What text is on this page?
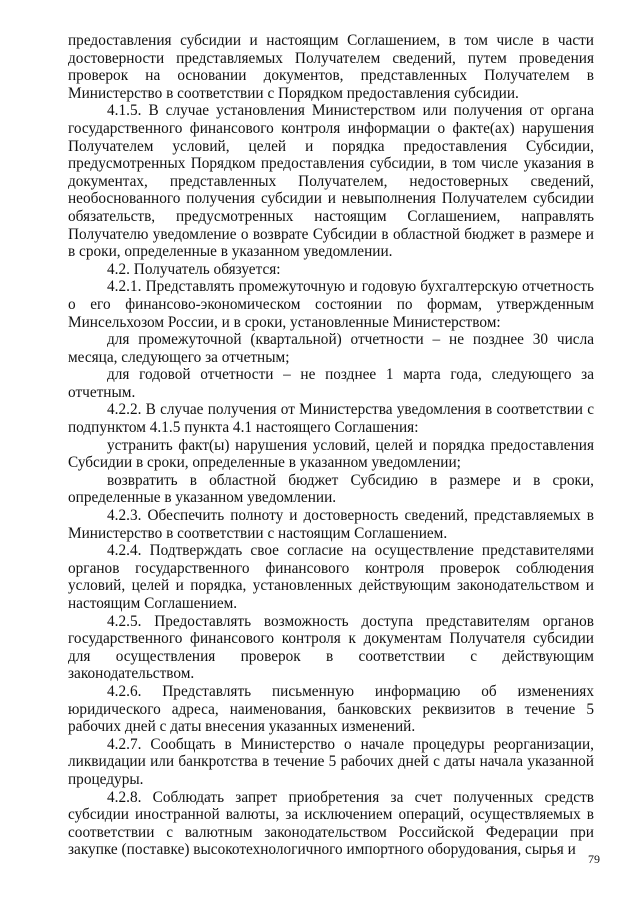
предоставления субсидии и настоящим Соглашением, в том числе в части достоверности представляемых Получателем сведений, путем проведения проверок на основании документов, представленных Получателем в Министерство в соответствии с Порядком предоставления субсидии.

4.1.5. В случае установления Министерством или получения от органа государственного финансового контроля информации о факте(ах) нарушения Получателем условий, целей и порядка предоставления Субсидии, предусмотренных Порядком предоставления субсидии, в том числе указания в документах, представленных Получателем, недостоверных сведений, необоснованного получения субсидии и невыполнения Получателем субсидии обязательств, предусмотренных настоящим Соглашением, направлять Получателю уведомление о возврате Субсидии в областной бюджет в размере и в сроки, определенные в указанном уведомлении.

4.2. Получатель обязуется:

4.2.1. Представлять промежуточную и годовую бухгалтерскую отчетность о его финансово-экономическом состоянии по формам, утвержденным Минсельхозом России, и в сроки, установленные Министерством:

для промежуточной (квартальной) отчетности – не позднее 30 числа месяца, следующего за отчетным;

для годовой отчетности – не позднее 1 марта года, следующего за отчетным.

4.2.2. В случае получения от Министерства уведомления в соответствии с подпунктом 4.1.5 пункта 4.1 настоящего Соглашения:

устранить факт(ы) нарушения условий, целей и порядка предоставления Субсидии в сроки, определенные в указанном уведомлении;

возвратить в областной бюджет Субсидию в размере и в сроки, определенные в указанном уведомлении.

4.2.3. Обеспечить полноту и достоверность сведений, представляемых в Министерство в соответствии с настоящим Соглашением.

4.2.4. Подтверждать свое согласие на осуществление представителями органов государственного финансового контроля проверок соблюдения условий, целей и порядка, установленных действующим законодательством и настоящим Соглашением.

4.2.5. Предоставлять возможность доступа представителям органов государственного финансового контроля к документам Получателя субсидии для осуществления проверок в соответствии с действующим законодательством.

4.2.6. Представлять письменную информацию об изменениях юридического адреса, наименования, банковских реквизитов в течение 5 рабочих дней с даты внесения указанных изменений.

4.2.7. Сообщать в Министерство о начале процедуры реорганизации, ликвидации или банкротства в течение 5 рабочих дней с даты начала указанной процедуры.

4.2.8. Соблюдать запрет приобретения за счет полученных средств субсидии иностранной валюты, за исключением операций, осуществляемых в соответствии с валютным законодательством Российской Федерации при закупке (поставке) высокотехнологичного импортного оборудования, сырья и

79
